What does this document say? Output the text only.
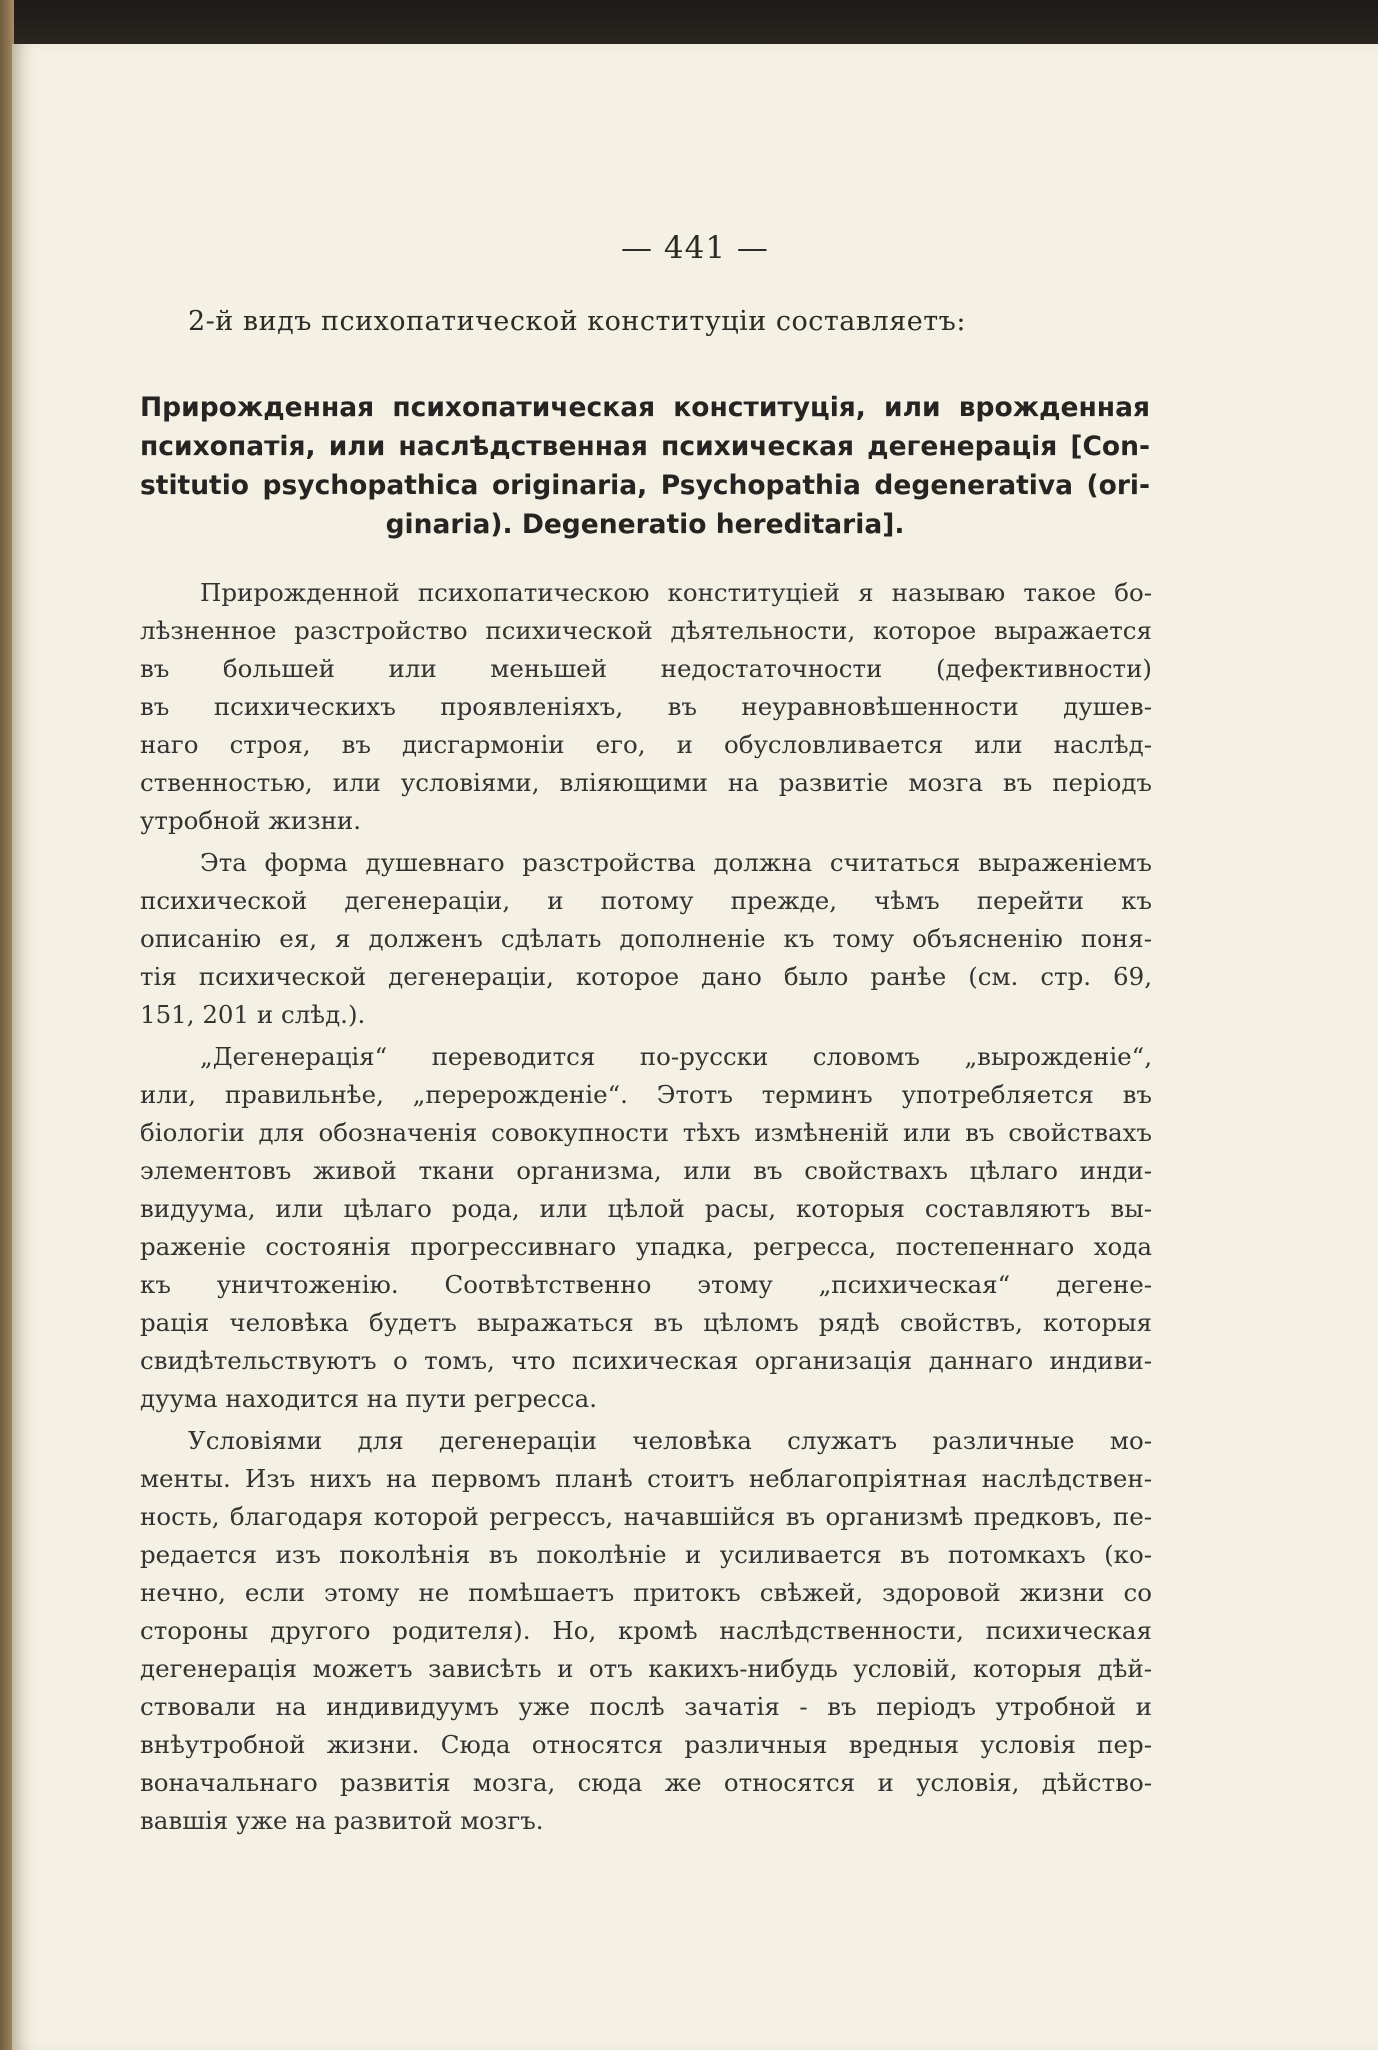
— 441 —
2-й видъ психопатической конституціи составляетъ:
Прирожденная психопатическая конституція, или врожденная
психопатія, или наслѣдственная психическая дегенерація [Con-
stitutio psychopathica originaria, Psychopathia degenerativa (ori-
ginaria). Degeneratio hereditaria].
Прирожденной психопатическою конституціей я называю такое бо-
лѣзненное разстройство психической дѣятельности, которое выражается
въ большей или меньшей недостаточности (дефективности)
въ психическихъ проявленіяхъ, въ неуравновѣшенности душев-
наго строя, въ дисгармоніи его, и обусловливается или наслѣд-
ственностью, или условіями, вліяющими на развитіе мозга въ періодъ
утробной жизни.
Эта форма душевнаго разстройства должна считаться выраженіемъ
психической дегенераціи, и потому прежде, чѣмъ перейти къ
описанію ея, я долженъ сдѣлать дополненіе къ тому объясненію поня-
тія психической дегенераціи, которое дано было ранѣе (см. стр. 69,
151, 201 и слѣд.).
„Дегенерація“ переводится по-русски словомъ „вырожденіе“,
или, правильнѣе, „перерожденіе“. Этотъ терминъ употребляется въ
біологіи для обозначенія совокупности тѣхъ измѣненій или въ свойствахъ
элементовъ живой ткани организма, или въ свойствахъ цѣлаго инди-
видуума, или цѣлаго рода, или цѣлой расы, которыя составляютъ вы-
раженіе состоянія прогрессивнаго упадка, регресса, постепеннаго хода
къ уничтоженію. Соотвѣтственно этому „психическая“ дегене-
рація человѣка будетъ выражаться въ цѣломъ рядѣ свойствъ, которыя
свидѣтельствуютъ о томъ, что психическая организація даннаго индиви-
дуума находится на пути регресса.
Условіями для дегенераціи человѣка служатъ различные мо-
менты. Изъ нихъ на первомъ планѣ стоитъ неблагопріятная наслѣдствен-
ность, благодаря которой регрессъ, начавшійся въ организмѣ предковъ, пе-
редается изъ поколѣнія въ поколѣніе и усиливается въ потомкахъ (ко-
нечно, если этому не помѣшаетъ притокъ свѣжей, здоровой жизни со
стороны другого родителя). Но, кромѣ наслѣдственности, психическая
дегенерація можетъ зависѣть и отъ какихъ-нибудь условій, которыя дѣй-
ствовали на индивидуумъ уже послѣ зачатія - въ періодъ утробной и
внѣутробной жизни. Сюда относятся различныя вредныя условія пер-
воначальнаго развитія мозга, сюда же относятся и условія, дѣйство-
вавшія уже на развитой мозгъ.
